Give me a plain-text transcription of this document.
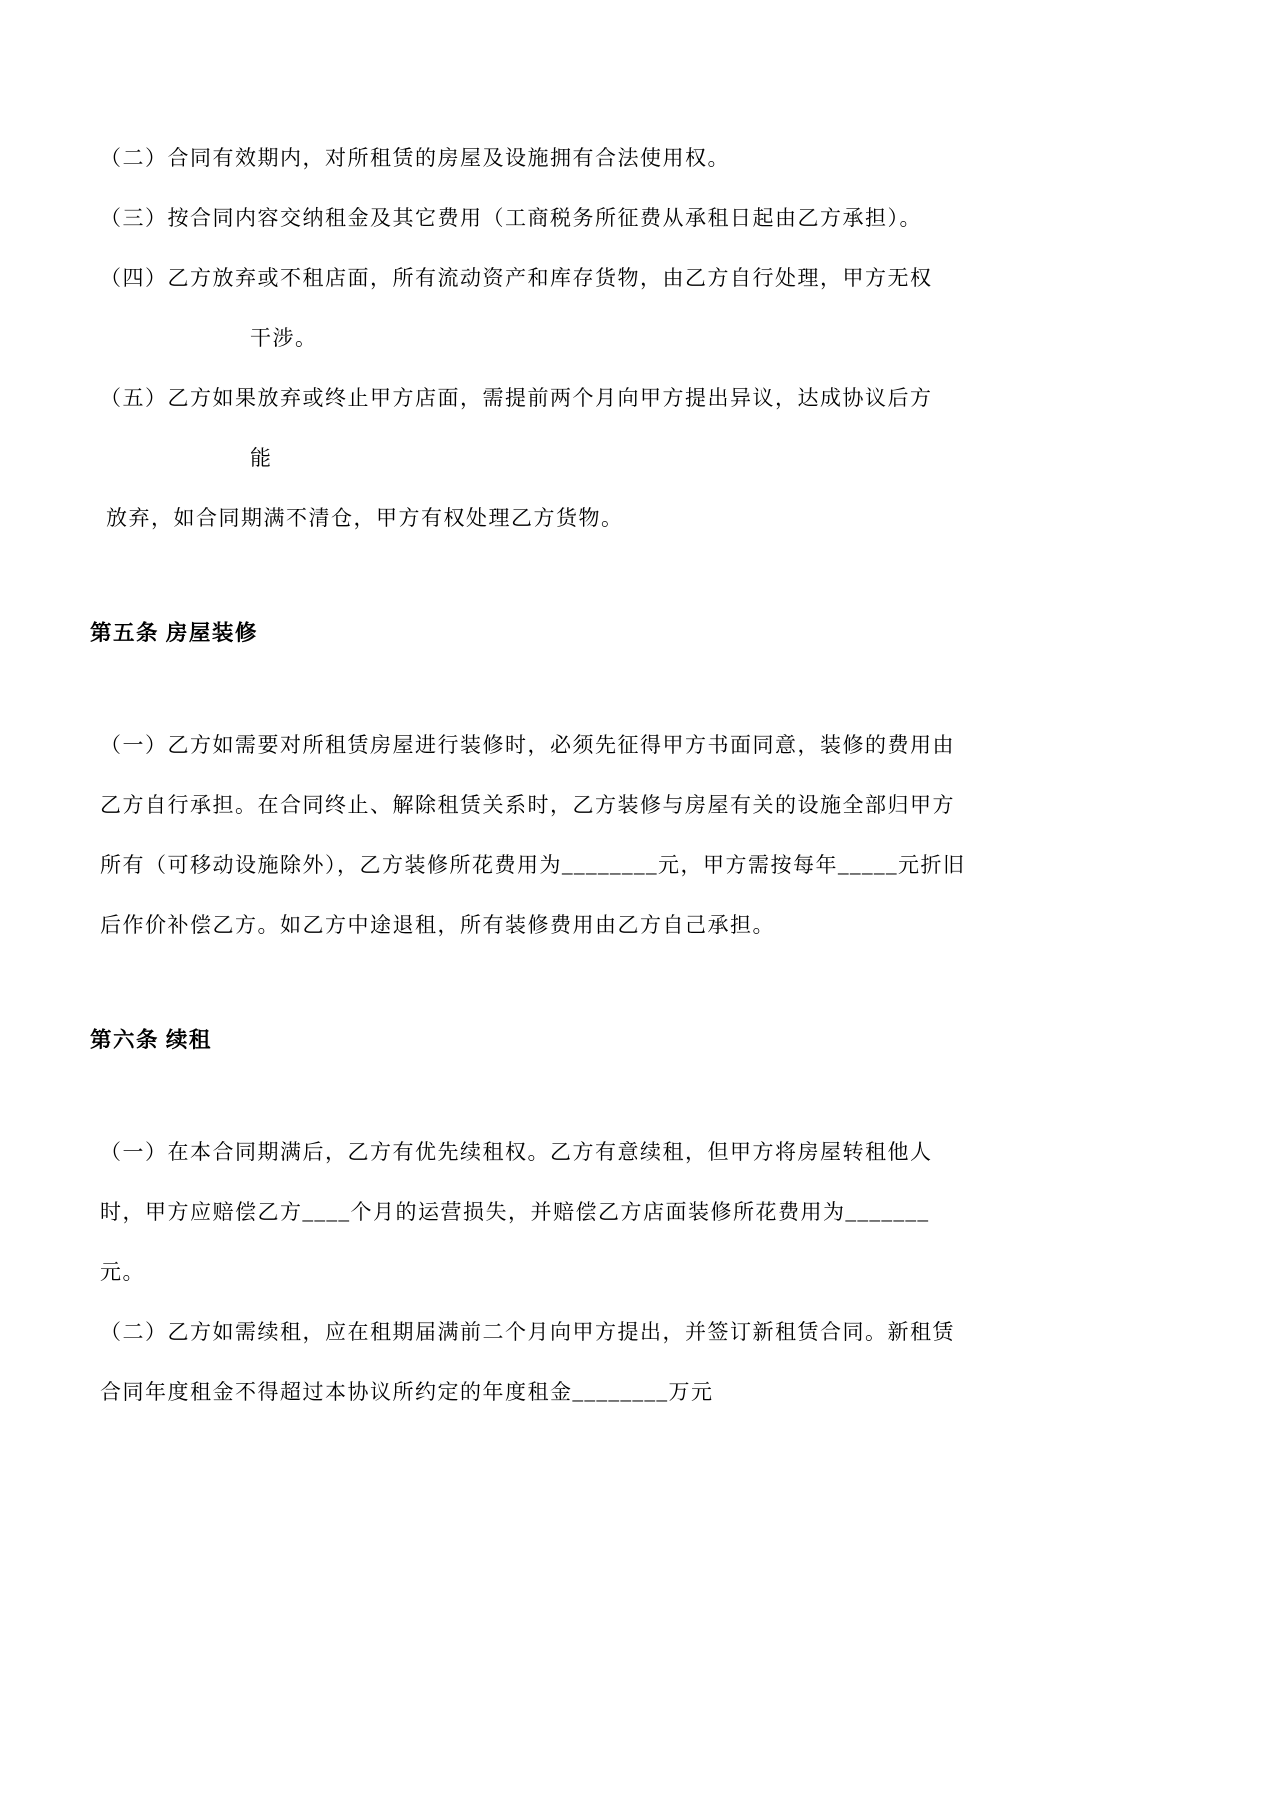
（二）合同有效期内，对所租赁的房屋及设施拥有合法使用权。
（三）按合同内容交纳租金及其它费用（工商税务所征费从承租日起由乙方承担）。
（四）乙方放弃或不租店面，所有流动资产和库存货物，由乙方自行处理，甲方无权
干涉。
（五）乙方如果放弃或终止甲方店面，需提前两个月向甲方提出异议，达成协议后方
能
放弃，如合同期满不清仓，甲方有权处理乙方货物。
第五条 房屋装修
（一）乙方如需要对所租赁房屋进行装修时，必须先征得甲方书面同意，装修的费用由
乙方自行承担。在合同终止、解除租赁关系时，乙方装修与房屋有关的设施全部归甲方
所有（可移动设施除外），乙方装修所花费用为________元，甲方需按每年_____元折旧
后作价补偿乙方。如乙方中途退租，所有装修费用由乙方自己承担。
第六条 续租
（一）在本合同期满后，乙方有优先续租权。乙方有意续租，但甲方将房屋转租他人
时，甲方应赔偿乙方____个月的运营损失，并赔偿乙方店面装修所花费用为_______
元。
（二）乙方如需续租，应在租期届满前二个月向甲方提出，并签订新租赁合同。新租赁
合同年度租金不得超过本协议所约定的年度租金________万元
